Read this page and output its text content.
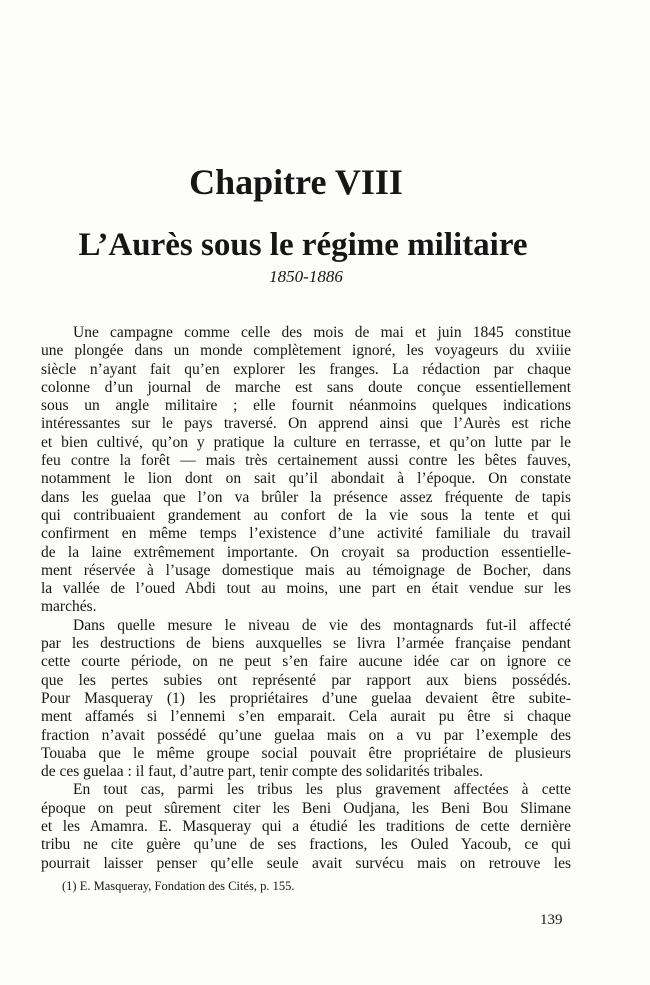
Chapitre VIII
L’Aurès sous le régime militaire
1850-1886
Une campagne comme celle des mois de mai et juin 1845 constitue
une plongée dans un monde complètement ignoré, les voyageurs du xviiie
siècle n’ayant fait qu’en explorer les franges. La rédaction par chaque
colonne d’un journal de marche est sans doute conçue essentiellement
sous un angle militaire ; elle fournit néanmoins quelques indications
intéressantes sur le pays traversé. On apprend ainsi que l’Aurès est riche
et bien cultivé, qu’on y pratique la culture en terrasse, et qu’on lutte par le
feu contre la forêt — mais très certainement aussi contre les bêtes fauves,
notamment le lion dont on sait qu’il abondait à l’époque. On constate
dans les guelaa que l’on va brûler la présence assez fréquente de tapis
qui contribuaient grandement au confort de la vie sous la tente et qui
confirment en même temps l’existence d’une activité familiale du travail
de la laine extrêmement importante. On croyait sa production essentielle-
ment réservée à l’usage domestique mais au témoignage de Bocher, dans
la vallée de l’oued Abdi tout au moins, une part en était vendue sur les
marchés.
Dans quelle mesure le niveau de vie des montagnards fut-il affecté
par les destructions de biens auxquelles se livra l’armée française pendant
cette courte période, on ne peut s’en faire aucune idée car on ignore ce
que les pertes subies ont représenté par rapport aux biens possédés.
Pour Masqueray (1) les propriétaires d’une guelaa devaient être subite-
ment affamés si l’ennemi s’en emparait. Cela aurait pu être si chaque
fraction n’avait possédé qu’une guelaa mais on a vu par l’exemple des
Touaba que le même groupe social pouvait être propriétaire de plusieurs
de ces guelaa : il faut, d’autre part, tenir compte des solidarités tribales.
En tout cas, parmi les tribus les plus gravement affectées à cette
époque on peut sûrement citer les Beni Oudjana, les Beni Bou Slimane
et les Amamra. E. Masqueray qui a étudié les traditions de cette dernière
tribu ne cite guère qu’une de ses fractions, les Ouled Yacoub, ce qui
pourrait laisser penser qu’elle seule avait survécu mais on retrouve les
(1) E. Masqueray, Fondation des Cités, p. 155.
139
